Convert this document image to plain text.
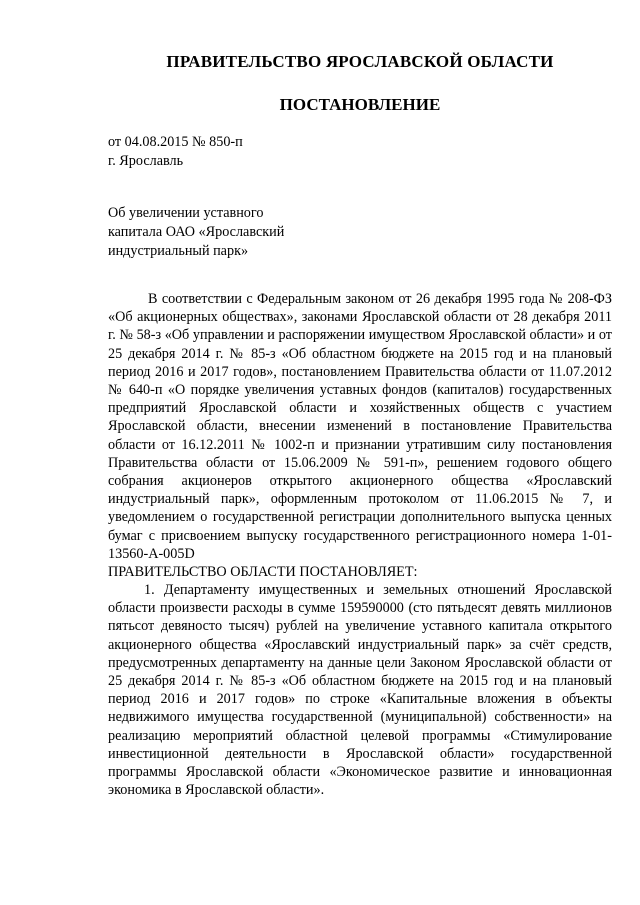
ПРАВИТЕЛЬСТВО ЯРОСЛАВСКОЙ ОБЛАСТИ
ПОСТАНОВЛЕНИЕ
от 04.08.2015 № 850-п
г. Ярославль
Об увеличении уставного
капитала ОАО «Ярославский
индустриальный парк»

В соответствии с Федеральным законом от 26 декабря 1995 года № 208-ФЗ «Об акционерных обществах», законами Ярославской области от 28 декабря 2011 г. № 58-з «Об управлении и распоряжении имуществом Ярославской области» и от 25 декабря 2014 г. № 85-з «Об областном бюджете на 2015 год и на плановый период 2016 и 2017 годов», постановлением Правительства области от 11.07.2012 № 640-п «О порядке увеличения уставных фондов (капиталов) государственных предприятий Ярославской области и хозяйственных обществ с участием Ярославской области, внесении изменений в постановление Правительства области от 16.12.2011 № 1002-п и признании утратившим силу постановления Правительства области от 15.06.2009 № 591-п», решением годового общего собрания акционеров открытого акционерного общества «Ярославский индустриальный парк», оформленным протоколом от 11.06.2015 № 7, и уведомлением о государственной регистрации дополнительного выпуска ценных бумаг с присвоением выпуску государственного регистрационного номера 1-01-13560-A-005D

ПРАВИТЕЛЬСТВО ОБЛАСТИ ПОСТАНОВЛЯЕТ:

1. Департаменту имущественных и земельных отношений Ярославской области произвести расходы в сумме 159590000 (сто пятьдесят девять миллионов пятьсот девяносто тысяч) рублей на увеличение уставного капитала открытого акционерного общества «Ярославский индустриальный парк» за счёт средств, предусмотренных департаменту на данные цели Законом Ярославской области от 25 декабря 2014 г. № 85-з «Об областном бюджете на 2015 год и на плановый период 2016 и 2017 годов» по строке «Капитальные вложения в объекты недвижимого имущества государственной (муниципальной) собственности» на реализацию мероприятий областной целевой программы «Стимулирование инвестиционной деятельности в Ярославской области» государственной программы Ярославской области «Экономическое развитие и инновационная экономика в Ярославской области».
